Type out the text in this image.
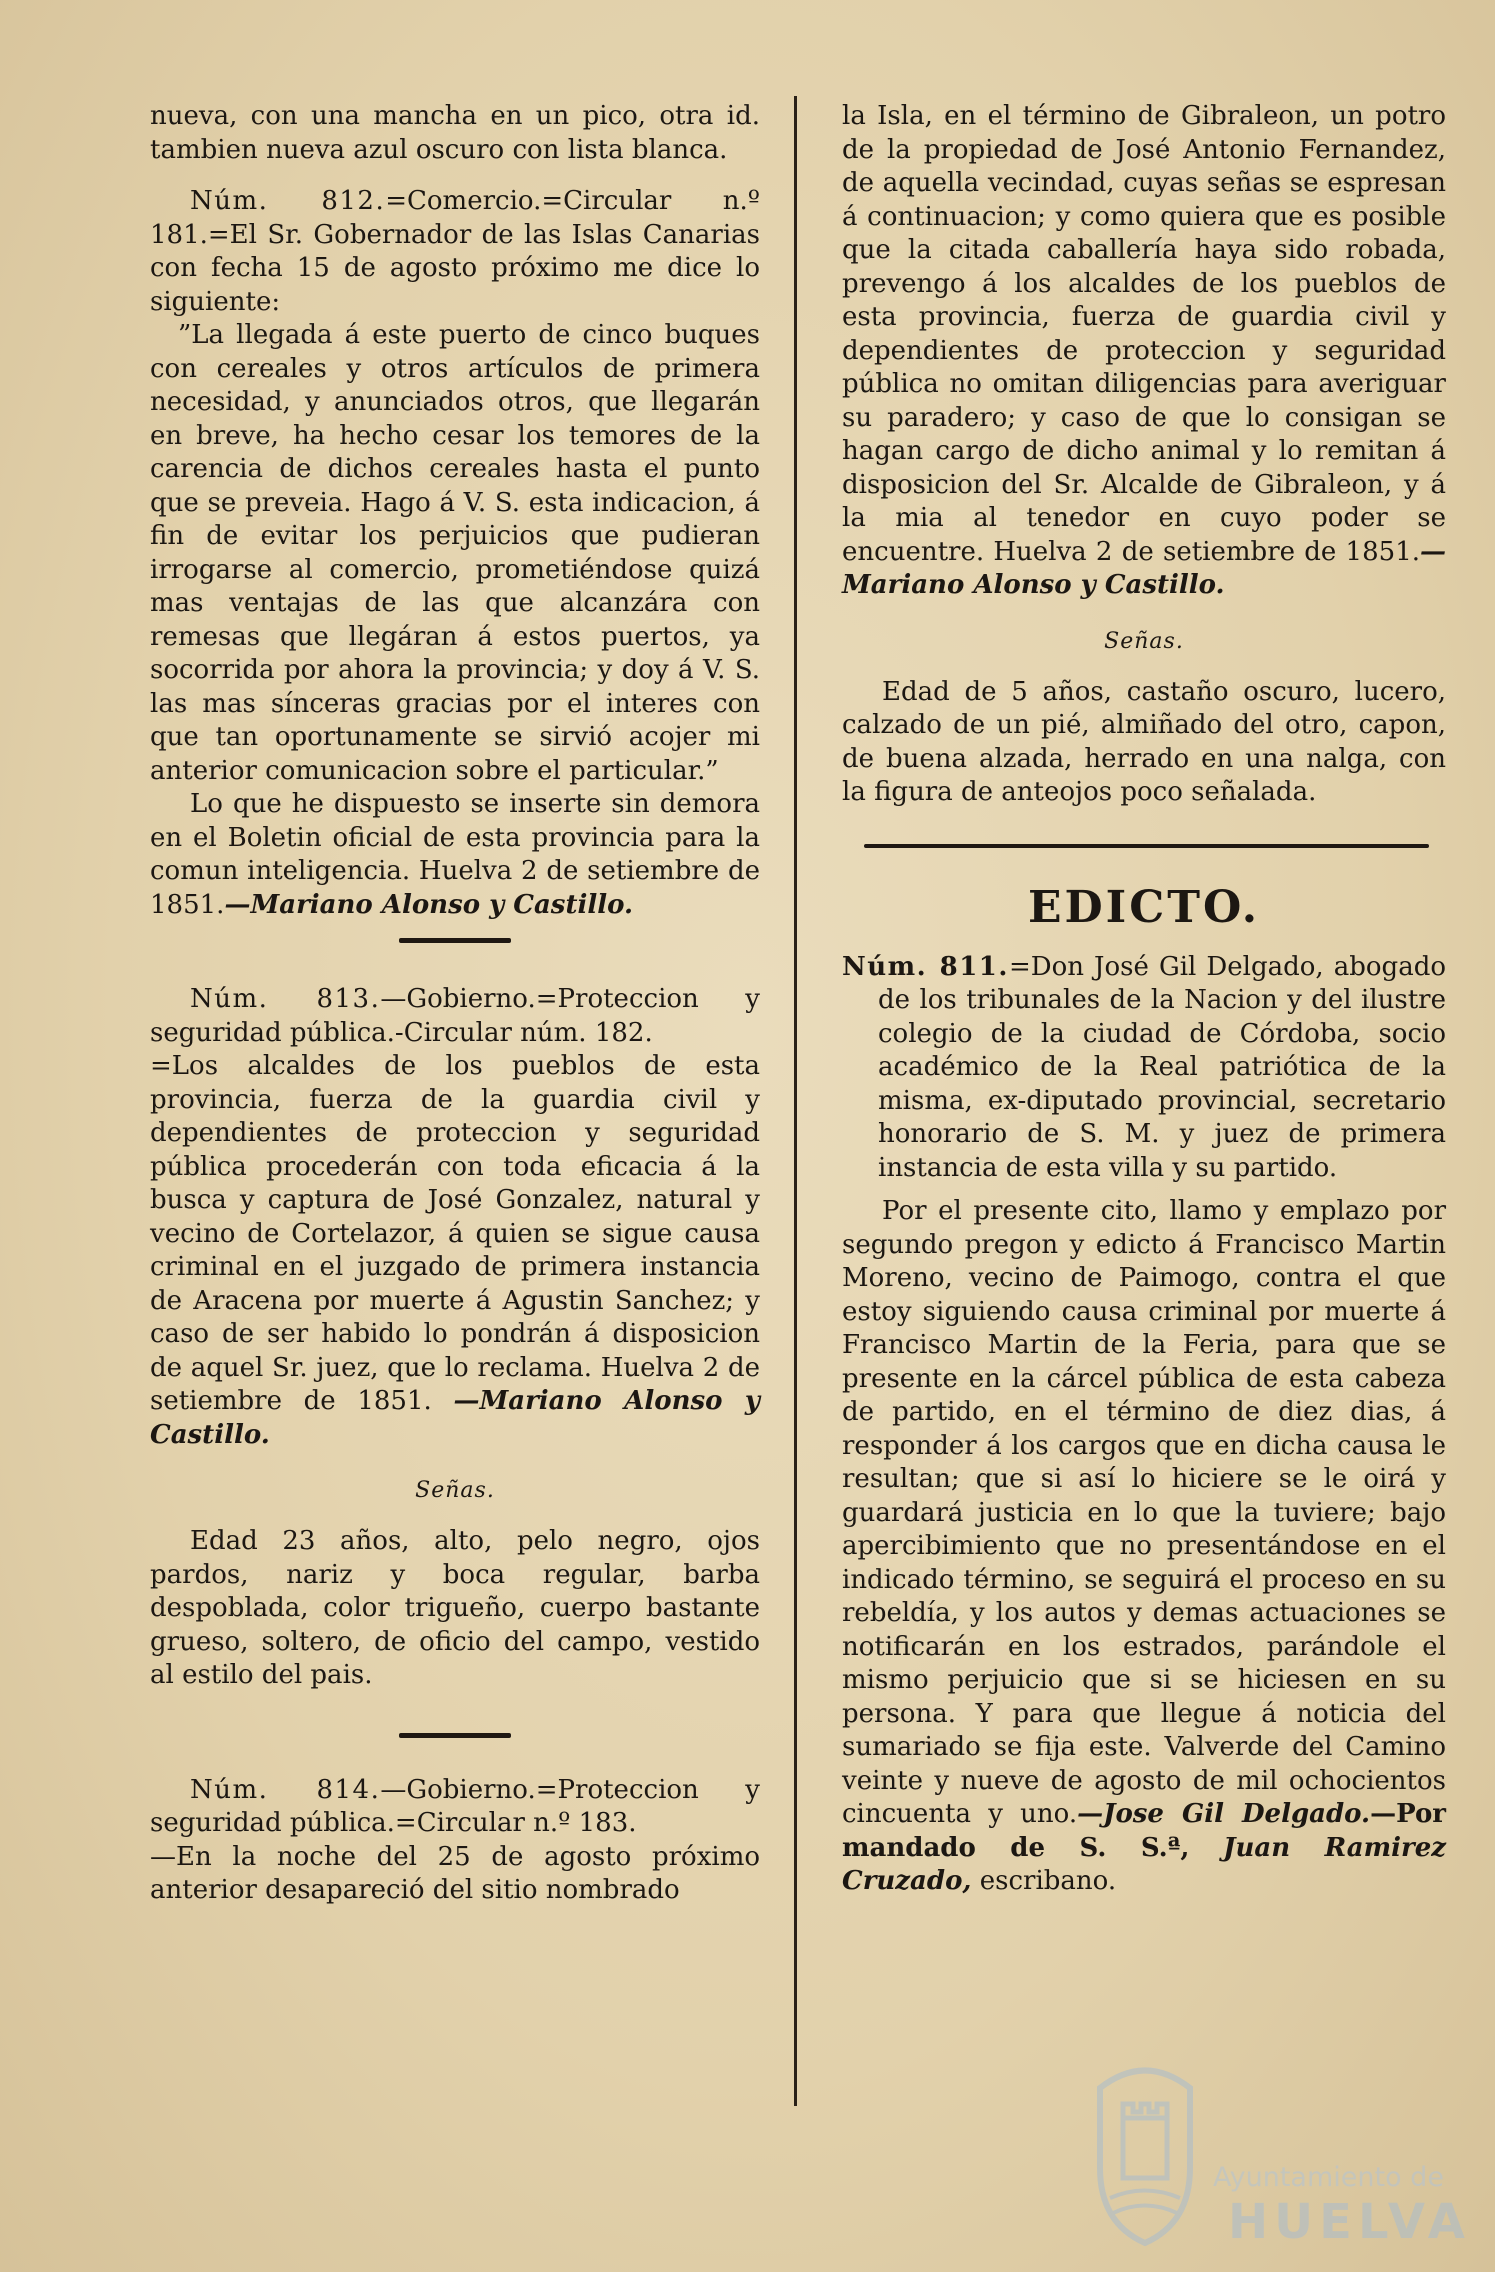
nueva, con una mancha en un pico, otra id. tambien nueva azul oscuro con lista blanca.

Núm. 812.=Comercio.=Circular n.º 181.=El Sr. Gobernador de las Islas Canarias con fecha 15 de agosto próximo me dice lo siguiente:

”La llegada á este puerto de cinco buques con cereales y otros artículos de primera necesidad, y anunciados otros, que llegarán en breve, ha hecho cesar los temores de la carencia de dichos cereales hasta el punto que se preveia. Hago á V. S. esta indicacion, á fin de evitar los perjuicios que pudieran irrogarse al comercio, prometiéndose quizá mas ventajas de las que alcanzára con remesas que llegáran á estos puertos, ya socorrida por ahora la provincia; y doy á V. S. las mas sínceras gracias por el interes con que tan oportunamente se sirvió acojer mi anterior comunicacion sobre el particular.”

Lo que he dispuesto se inserte sin demora en el Boletin oficial de esta provincia para la comun inteligencia. Huelva 2 de setiembre de 1851.—Mariano Alonso y Castillo.

Núm. 813.—Gobierno.=Proteccion y seguridad pública.-Circular núm. 182.

=Los alcaldes de los pueblos de esta provincia, fuerza de la guardia civil y dependientes de proteccion y seguridad pública procederán con toda eficacia á la busca y captura de José Gonzalez, natural y vecino de Cortelazor, á quien se sigue causa criminal en el juzgado de primera instancia de Aracena por muerte á Agustin Sanchez; y caso de ser habido lo pondrán á disposicion de aquel Sr. juez, que lo reclama. Huelva 2 de setiembre de 1851. —Mariano Alonso y Castillo.

Señas.

Edad 23 años, alto, pelo negro, ojos pardos, nariz y boca regular, barba despoblada, color trigueño, cuerpo bastante grueso, soltero, de oficio del campo, vestido al estilo del pais.

Núm. 814.—Gobierno.=Proteccion y seguridad pública.=Circular n.º 183.

—En la noche del 25 de agosto próximo anterior desapareció del sitio nombrado

la Isla, en el término de Gibraleon, un potro de la propiedad de José Antonio Fernandez, de aquella vecindad, cuyas señas se espresan á continuacion; y como quiera que es posible que la citada caballería haya sido robada, prevengo á los alcaldes de los pueblos de esta provincia, fuerza de guardia civil y dependientes de proteccion y seguridad pública no omitan diligencias para averiguar su paradero; y caso de que lo consigan se hagan cargo de dicho animal y lo remitan á disposicion del Sr. Alcalde de Gibraleon, y á la mia al tenedor en cuyo poder se encuentre. Huelva 2 de setiembre de 1851.—Mariano Alonso y Castillo.

Señas.

Edad de 5 años, castaño oscuro, lucero, calzado de un pié, almiñado del otro, capon, de buena alzada, herrado en una nalga, con la figura de anteojos poco señalada.

EDICTO.

Núm. 811.=Don José Gil Delgado, abogado de los tribunales de la Nacion y del ilustre colegio de la ciudad de Córdoba, socio académico de la Real patriótica de la misma, ex-diputado provincial, secretario honorario de S. M. y juez de primera instancia de esta villa y su partido.

Por el presente cito, llamo y emplazo por segundo pregon y edicto á Francisco Martin Moreno, vecino de Paimogo, contra el que estoy siguiendo causa criminal por muerte á Francisco Martin de la Feria, para que se presente en la cárcel pública de esta cabeza de partido, en el término de diez dias, á responder á los cargos que en dicha causa le resultan; que si así lo hiciere se le oirá y guardará justicia en lo que la tuviere; bajo apercibimiento que no presentándose en el indicado término, se seguirá el proceso en su rebeldía, y los autos y demas actuaciones se notificarán en los estrados, parándole el mismo perjuicio que si se hiciesen en su persona. Y para que llegue á noticia del sumariado se fija este. Valverde del Camino veinte y nueve de agosto de mil ochocientos cincuenta y uno.—Jose Gil Delgado.—Por mandado de S. S.ª, Juan Ramirez Cruzado, escribano.

Ayuntamiento de
HUELVA
